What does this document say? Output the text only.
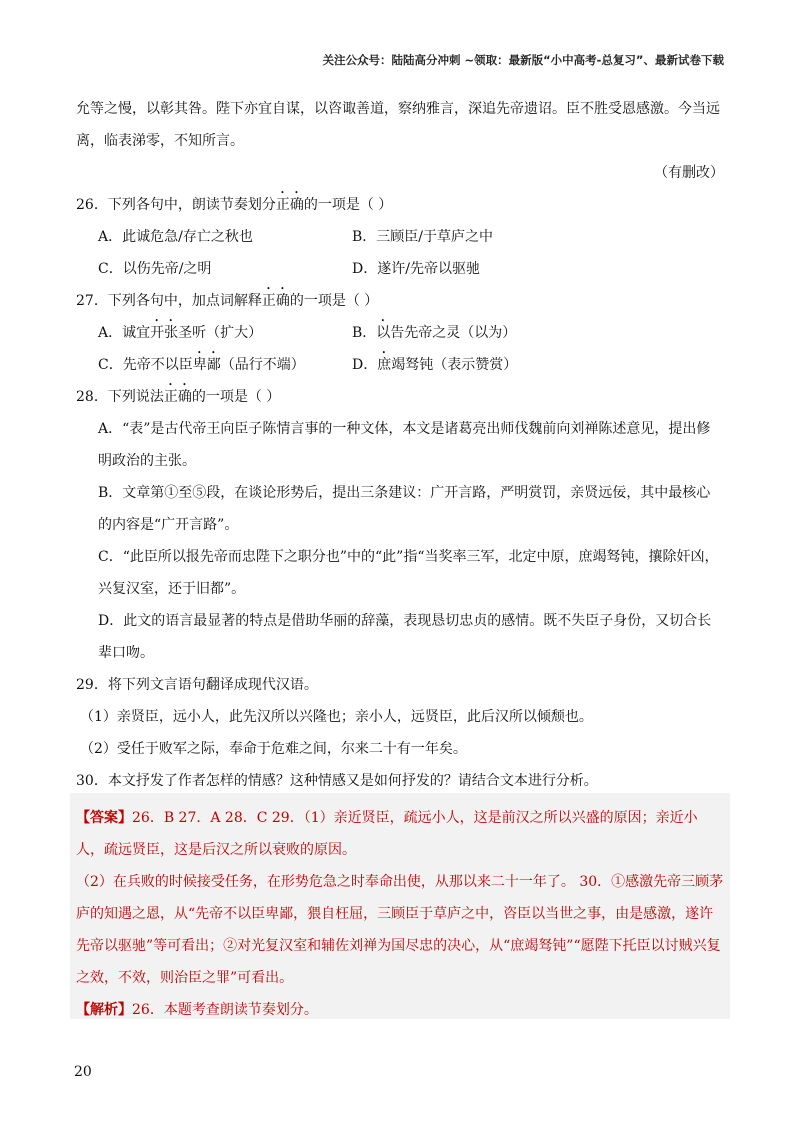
关注公众号：陆陆高分冲刺 ~领取：最新版“小中高考-总复习”、最新试卷下载

允等之慢，以彰其咎。陛下亦宜自谋，以咨诹善道，察纳雅言，深追先帝遗诏。臣不胜受恩感激。今当远

离，临表涕零，不知所言。

（有删改）

26．下列各句中，朗读节奏划分正确的一项是（ ）

A．此诚危急/存亡之秋也	B．三顾臣/于草庐之中
C．以伤先帝/之明	D．遂许/先帝以驱驰

27．下列各句中，加点词解释正确的一项是（ ）

A．诚宜开张圣听（扩大）	B．以告先帝之灵（以为）
C．先帝不以臣卑鄙（品行不端）	D．庶竭驽钝（表示赞赏）

28．下列说法正确的一项是（ ）

A．“表”是古代帝王向臣子陈情言事的一种文体，本文是诸葛亮出师伐魏前向刘禅陈述意见，提出修明政治的主张。

B．文章第①至⑤段，在谈论形势后，提出三条建议：广开言路，严明赏罚，亲贤远佞，其中最核心的内容是“广开言路”。

C．“此臣所以报先帝而忠陛下之职分也”中的“此”指“当奖率三军，北定中原，庶竭驽钝，攘除奸凶，兴复汉室，还于旧都”。

D．此文的语言最显著的特点是借助华丽的辞藻，表现恳切忠贞的感情。既不失臣子身份，又切合长辈口吻。

29．将下列文言语句翻译成现代汉语。

（1）亲贤臣，远小人，此先汉所以兴隆也；亲小人，远贤臣，此后汉所以倾颓也。

（2）受任于败军之际，奉命于危难之间，尔来二十有一年矣。

30．本文抒发了作者怎样的情感？这种情感又是如何抒发的？请结合文本进行分析。

【答案】26．B 27．A 28．C 29．（1）亲近贤臣，疏远小人，这是前汉之所以兴盛的原因；亲近小人，疏远贤臣，这是后汉之所以衰败的原因。

（2）在兵败的时候接受任务，在形势危急之时奉命出使，从那以来二十一年了。 30．①感激先帝三顾茅庐的知遇之恩，从“先帝不以臣卑鄙，猥自枉屈，三顾臣于草庐之中，咨臣以当世之事，由是感激，遂许先帝以驱驰”等可看出；②对光复汉室和辅佐刘禅为国尽忠的决心，从“庶竭驽钝”“愿陛下托臣以讨贼兴复之效，不效，则治臣之罪”可看出。

【解析】26．本题考查朗读节奏划分。

20
